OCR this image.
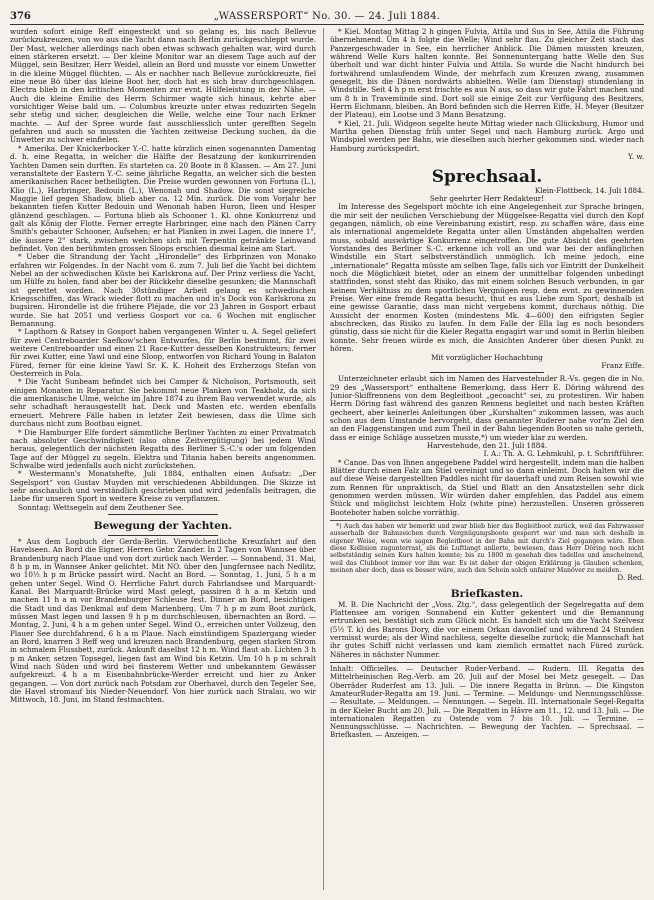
376	„WASSERSPORT“ No. 30. — 24. Juli 1884.

wurden sofort einige Reff eingesteckt und so gelang es, bis nach Bellevue zurückzukreuzen, von wo aus die Yacht dann nach Berlin zurückgeschleppt wurde. Der Mast, welcher allerdings nach oben etwas schwach gehalten war, wird durch einen stärkeren ersetzt. — Der kleine Monitor war an diesem Tage auch auf der Müggel, sein Besitzer, Herr Weidel, allein an Bord und musste vor einem Unwetter in die kleine Müggel flüchten. — Als er nachher nach Bellevue zurückkreuzte, fiel eine neue Bö über das kleine Boot her, doch hat es sich brav durchgeschlagen. Electra blieb in den kritischen Momenten zur evnt. Hülfeleistung in der Nähe. — Auch die kleine Emilie des Herrn Schirmer wagte sich hinaus, kehrte aber vorsichtiger Weise bald um. — Columbus kreuzte unter etwas reduzirten Segeln sehr stetig und sicher, desgleichen die Welle, welche eine Tour nach Erkner machte. — Auf der Spree wurde fast ausschliesslich unter gerefften Segeln gefahren und auch so mussten die Yachten zeitweise Deckung suchen, da die Unwetter zu schwer einfielen.

* Amerika. Der Knickerbocker Y.-C. hatte kürzlich einen sogenannten Damentag d. h. eine Regatta, in welcher die Hälfte der Besatzung der konkurrirenden Yachten Damen sein durften. Es starteten ca. 20 Boote in 8 Klassen. — Am 27. Juni veranstaltete der Eastern Y.-C. seine jährliche Regatta, an welcher sich die besten amerikanischen Racer betheiligten. Die Preise wurden gewonnen von Fortuna (L.), Klio (L.), Harbringer, Bedouin (L.), Wenonah und Shadow. Die sonst siegreiche Maggie lief gegen Shadow, blieb aber ca. 12 Min. zurück. Die vom Vorjahr her bekannten tiefen Kutter Bedouin und Wenonah haben Huron, Ileen und Hesper glänzend geschlagen. — Fortuna blieb als Schooner 1. Kl. ohne Konkurrenz und galt als König der Flotte. Ferner erregte Harbringer, eine nach den Plänen Carry Smith's gebauter Schooner, Aufsehen; er hat Planken in zwei Lagen, die innere 1", die äussere 2" stark, zwischen welchen sich mit Terpentin getränkte Leinwand befindet. Von den berühmten grossen Sloops erschien diesmal keine am Start.

* Ueber die Strandung der Yacht „Hirondelle“ des Erbprinzen von Monako erfahren wir Folgendes. In der Nacht vom 6. zum 7. Juli lief die Yacht bei dichtem Nebel an der schwedischen Küste bei Karlskrona auf. Der Prinz verliess die Yacht, um Hülfe zu holen, fand aber bei der Rückkehr dieselbe gesunken; die Mannschaft ist gerettet worden. Nach 30stündiger Arbeit gelang es schwedischen Kriegsschiffen, das Wrack wieder flott zu machen und in's Dock von Karlskrona zu bugsiren. Hirondelle ist die frühere Pléjade, die vor 23 Jahren in Gosport erbaut wurde. Sie hat 2051 und verliess Gosport vor ca. 6 Wochen mit englischer Bemannung.

* Lapthorn & Ratsey in Gosport haben vergangenen Winter u. A. Segel geliefert für zwei Centreboarder Saefkow'schen Entwurfes, für Berlin bestimmt, für zwei weitere Centreboarder und einen 21 Race-Kutter desselben Konstrukteurs; ferner für zwei Kutter, eine Yawl und eine Sloop, entworfen von Richard Young in Balaton Füred, ferner für eine kleine Yawl Sr. K. K. Hoheit des Erzherzogs Stefan von Oesterreich in Pola.

* Die Yacht Sunbeam befindet sich bei Camper & Nicholson, Portsmouth, seit einigen Monaten in Reparatur. Sie bekommt neue Planken von Teakholz, da sich die amerikanische Ulme, welche im Jahre 1874 zu ihrem Bau verwendet wurde, als sehr schadhaft herausgestellt hat. Deck und Masten etc. werden ebenfalls erneuert. Mehrere Fälle haben in letzter Zeit bewiesen, dass die Ulme sich durchaus nicht zum Bootbau eignet.

* Die Hamburger Elfe fordert sämmtliche Berliner Yachten zu einer Privatmatch nach absoluter Geschwindigkeit (also ohne Zeitvergütigung) bei jedem Wind heraus, gelegentlich der nächsten Regatta des Berliner S.-C.'s oder um folgenden Tage auf der Müggel zu segeln. Elektra und Titania haben bereits angenommen. Schwalbe wird jedenfalls auch nicht zurückstehen.

* Westermann's Monatshefte, Juli 1884, enthalten einen Aufsatz: „Der Segelsport“ von Gustav Muyden mit verschiedenen Abbildungen. Die Skizze ist sehr anschaulich und verständlich geschrieben und wird jedenfalls beitragen, die Liebe für unseren Sport in weitere Kreise zu verpflanzen.

Sonntag: Wettsegeln auf dem Zeuthener See.

Bewegung der Yachten.

* Aus dem Logbuch der Gerda-Berlin. Vierwöchentliche Kreuzfahrt auf den Havelseen. An Bord die Eigner, Herren Gebr. Zander. In 2 Tagen von Wannsee über Brandenburg nach Plaue und von dort zurück nach Werder. — Sonnabend, 31. Mai, 8 h p m, in Wannsee Anker gelichtet. Mit NO. über den Jungfernsee nach Nedlitz, wo 10½ h p m Brücke passirt wird. Nacht an Bord. — Sonntag, 1. Juni, 5 h a m gehen unter Segel. Wind O. Herrliche Fahrt durch Fahrlandsee und Marquardt-Kanal. Bei Marquardt-Brücke wird Mast gelegt, passiren 8 h a m Ketzin und machen 11 h a m vor Brandenburger Schleuse fest. Dinner an Bord, besichtigen die Stadt und das Denkmal auf dem Marienberg. Um 7 h p m zum Boot zurück, müssen Mast legen und lassen 9 h p m durchschleusen, übernachten an Bord. — Montag, 2. Juni, 4 h a m gehen unter Segel. Wind O., erreichen unter Vollzeug, den Plauer See durchfahrend, 6 h a m Plaue. Nach einstündigem Spaziergang wieder an Bord, knarren 3 Reff weg und kreuzen nach Brandenburg, gegen starken Strom in schmalem Flussbett, zurück. Ankunft daselbst 12 h m. Wind flaut ab. Lichten 3 h p m Anker, setzen Topsegel, liegen fast am Wind bis Ketzin. Um 10 h p m schralt Wind nach Süden und wird bei finsterem Wetter und unbekanntem Gewässer aufgekreuzt. 4 h a m Eisenbahnbrücke-Werder erreicht und hier zu Anker gegangen. — Von dort zurück nach Potsdam zur Oberhavel, durch den Tegeler See, die Havel stromauf bis Nieder-Neuendorf. Von hier zurück nach Stralau, wo wir Mittwoch, 18. Juni, im Stand festmachten.

* Kiel. Montag Mittag 2 h gingen Fulvia, Attila und Sus in See, Attila die Führung übernehmend. Um 4 h folgte die Welle; Wind sehr flau. Zu gleicher Zeit stach das Panzergeschwader in See, ein herrlicher Anblick. Die Dämen mussten kreuzen, während Welle Kurs halten konnte. Bei Sonnenuntergang hatte Welle den Sus überholt und war dicht hinter Fulvia und Attila. So wurde die Nacht hindurch bei fortwährend umlaufendem Winde, der mehrfach zum Kreuzen zwang, zusammen gesegelt, bis die Dänen nordwärts abhielten. Welle (am Dienstag) stundenlang in Windstille. Seit 4 h p m erst frischte es aus N aus, so dass wir gute Fahrt machen und um 8 h in Travemünde sind. Dort soll sie einige Zeit zur Verfügung des Besitzers, Herrn Eichmann, bleiben. An Bord befinden sich die Herren Eiffe, H. Meyer (Besitzer der Plateau), ein Lootse und 3 Mann Besatzung.

* Kiel, 21. Juli. Widgeon segelte heute Mittag wieder nach Glücksburg, Humor und Martha gehen Dienstag früh unter Segel und nach Hamburg zurück. Argo und Windspiel werden per Bahn, wie dieselben auch hierher gekommen sind. wieder nach Hamburg zurückspedirt.

Y. w.
Sprechsaal.
Klein-Flottbeck, 14. Juli 1884.
Sehr geehrter Herr Redakteur!

Im Interesse des Segelsport möchte ich eine Angelegenheit zur Sprache bringen, die mir seit der neulichen Verschiebung der Müggelsee-Regatta viel durch den Kopf gegangen, nämlich, ob eine Vereinbarung existirt, resp. zu schaffen wäre, dass eine als international angemeldete Regatta unter allen Umständen abgehalten werden muss, sobald auswärtige Konkurrenz eingetroffen. Die gute Absicht des geehrten Vorstandes des Berliner S.-C. erkenne ich voll an und war bei der anfänglichen Windstille ein Start selbstverständlich unmöglich. Ich meine jedoch, eine „internationale“ Regatta müsste am selben Tage, falls sich vor Eintritt der Dunkelheit noch die Möglichkeit bietet, oder an einem der unmittelbar folgenden unbedingt stattfinden, sonst steht das Risiko, das mit einem solchen Besuch verbunden, in gar keinem Verhältniss zu dem sportlichen Vergnügen resp. dem evnt. zu gewinnenden Preise. Wer eine fremde Regatta besucht, thut es aus Liebe zum Sport; deshalb ist eine gewisse Garantie, dass man nicht vergebens kommt, durchaus nöthig. Die Aussicht der enormen Kosten (mindestens Mk. 4—600) den eifrigsten Segler abschrecken, das Risiko zu laufen. In dem Falle der Ella lag es noch besonders günstig, dass sie nicht für die Kieler Regatta engagirt war und somit in Berlin bleiben konnte. Sehr freuen würde es mich, die Ansichten Anderer über diesen Punkt zu hören.

Mit vorzüglicher Hochachtung
Franz Eiffe.

Unterzeichneter erlaubt sich im Namen des Harvestehuder R.-Vs. gegen die in No. 29 des „Wassersport“ enthaltene Bemerkung, dass Herr E. Döring während des Junior-Skiffrennens von dem Begleitboot „gecoacht“ sei, zu protestiren. Wir haben Herrn Döring fast während des ganzen Rennens begleitet und nach besten Kräften gecheert, aber keinerlei Anleitungen über „Kurshalten“ zukommen lassen, was auch schon aus dem Umstande hervorgeht, dass genannter Ruderer nahe vor'm Ziel den an den Flaggenstangen und zum Theil in der Bahn liegenden Booten so nahe gerieth, dass er einige Schläge aussetzen musste,*) um wieder klar zu werden.

Harvestehude, den 21. Juli 1884.
I. A.: Th. A. G. Lehmkuhl, p. t. Schriftführer.

* Canoe. Das von Ihnen angegebene Paddel wird hergestellt, indem man die halben Blätter durch einen Falz am Stiel vereinigt und so dann einleimt. Doch halten wir die auf diese Weise dargestellten Paddles nicht für dauerhaft und zum Reisen sowohl wie zum Rennen für unpraktisch, da Stiel und Blatt an den Ansatzstellen sehr dick genommen werden müssen. Wir würden daher empfehlen, das Paddel aus einem Stück und möglichst leichtem Holz (white pine) herzustellen. Unseren grösseren Booteboter haben solche vorräthig.

*) Auch das haben wir bemerkt und zwar blieb hier das Begleitboot zurück, weil das Fahrwasser ausserhalb der Bahnzeichen durch Vergnügungsboote gesperrt war und man sich deshalb in eigener Weise, wenn wie sagen Begleitboot in der Bahn mit durch's Ziel gegangen wäre. Eben diese Kollision zugunterrast, als die Luftlangt anlierte, bewiesen, dass Herr Döring noch nicht selbstständig seinen Kurs halten konnte; bis zu 1800 m gesehah dies tadellos und anscheinend, weil das Clubboot immer vor ihm war. Es ist daher der obigen Erklärung ja Glauben schenken, meinen aber doch, dass es besser wäre, auch den Schein solch unfairer Manöver zu meiden.

D. Red.
Briefkasten.

M. B. Die Nachricht der „Voss. Ztg.“, dass gelegentlich der Segelregatta auf dem Plattensee am vorigen Sonnabend ein Kutter gekentert und die Bemannung ertrunken sei, bestätigt sich zum Glück nicht. Es handelt sich um die Yacht Szélvesz (5½ T. k) des Barons Dory, die vor einem Orkan davonlief und während 24 Stunden vermisst wurde; als der Wind nachliess, segelte dieselbe zurück; die Mannschaft hat ihr gutes Schiff nicht verlassen und kam ziemlich ermattet nach Füred zurück. Näheres in nächster Nummer.

Inhalt: Officielles. — Deutscher Ruder-Verband. — Rudern. III. Regatta des Mittelrheinischen Reg.-Verb. am 20. Juli auf der Mosel bei Metz gesegelt. — Das Oberräder Ruderfest am 13. Juli. — Die innere Regatta in Brünn. — Die Kingston AmateurRuder-Regatta am 19. Juni. — Termine. — Meldungs- und Nennungsschlüsse. — Resultate. — Meldungen. — Nennungen. — Segeln. III. Internationale Segel-Regatta in der Kieler Bucht am 20. Juli. — Die Regatten in Hâvre am 11., 12. und 13. Juli. — Die internationalen Regatten zu Ostende vom 7 bis 10. Juli. — Termine. — Nennungsschlüsse. — Nachrichten. — Bewegung der Yachten. — Sprechsaal. — Briefkasten. — Anzeigen. —
